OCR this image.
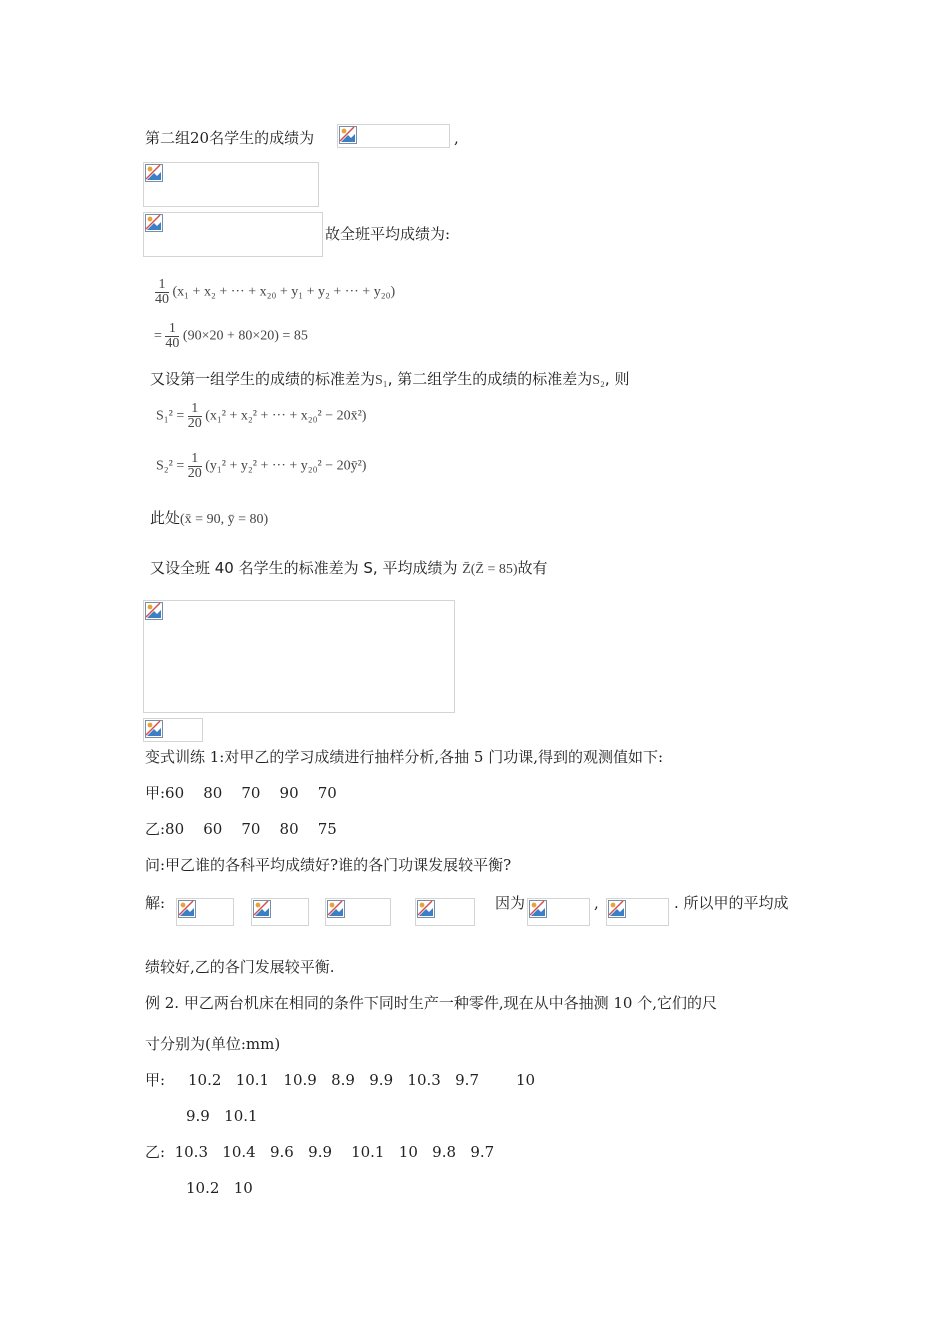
第二组20名学生的成绩为	,
故全班平均成绩为:
$\frac{1}{40} (x_1 + x_2$ + ··· + x₂₀ + y₁ + y₂ + ··· + y₂₀)
= $\frac{1}{40} (90\times 20 + 80\times 20) = 85$
又设第一组学生的成绩的标准差为S₁, 第二组学生的成绩的标准差为S₂, 则
$S_1^2 = \frac{1}{20} (x_1^2 + x_2^2$ + ··· + x₂₀² − 20x̄²)
$S_2^2 = \frac{1}{20} (y_1^2 + y_2^2$ + ··· + y₂₀² − 20ȳ²)
此处(x̄ = 90, ȳ = 80)
又设全班 40 名学生的标准差为 S, 平均成绩为 Z̄(Z̄ = 85)故有
变式训练 1:对甲乙的学习成绩进行抽样分析,各抽 5 门功课,得到的观测值如下:
甲:60    80    70    90    70
乙:80    60    70    80    75
问:甲乙谁的各科平均成绩好?谁的各门功课发展较平衡?
解:	因为	,	. 所以甲的平均成
绩较好,乙的各门发展较平衡.
例 2. 甲乙两台机床在相同的条件下同时生产一种零件,现在从中各抽测 10 个,它们的尺
寸分别为(单位:mm)
甲: 10.2   10.1   10.9   8.9   9.9   10.3   9.7 10
9.9   10.1
乙:  10.3   10.4   9.6   9.9    10.1   10   9.8   9.7
10.2   10
